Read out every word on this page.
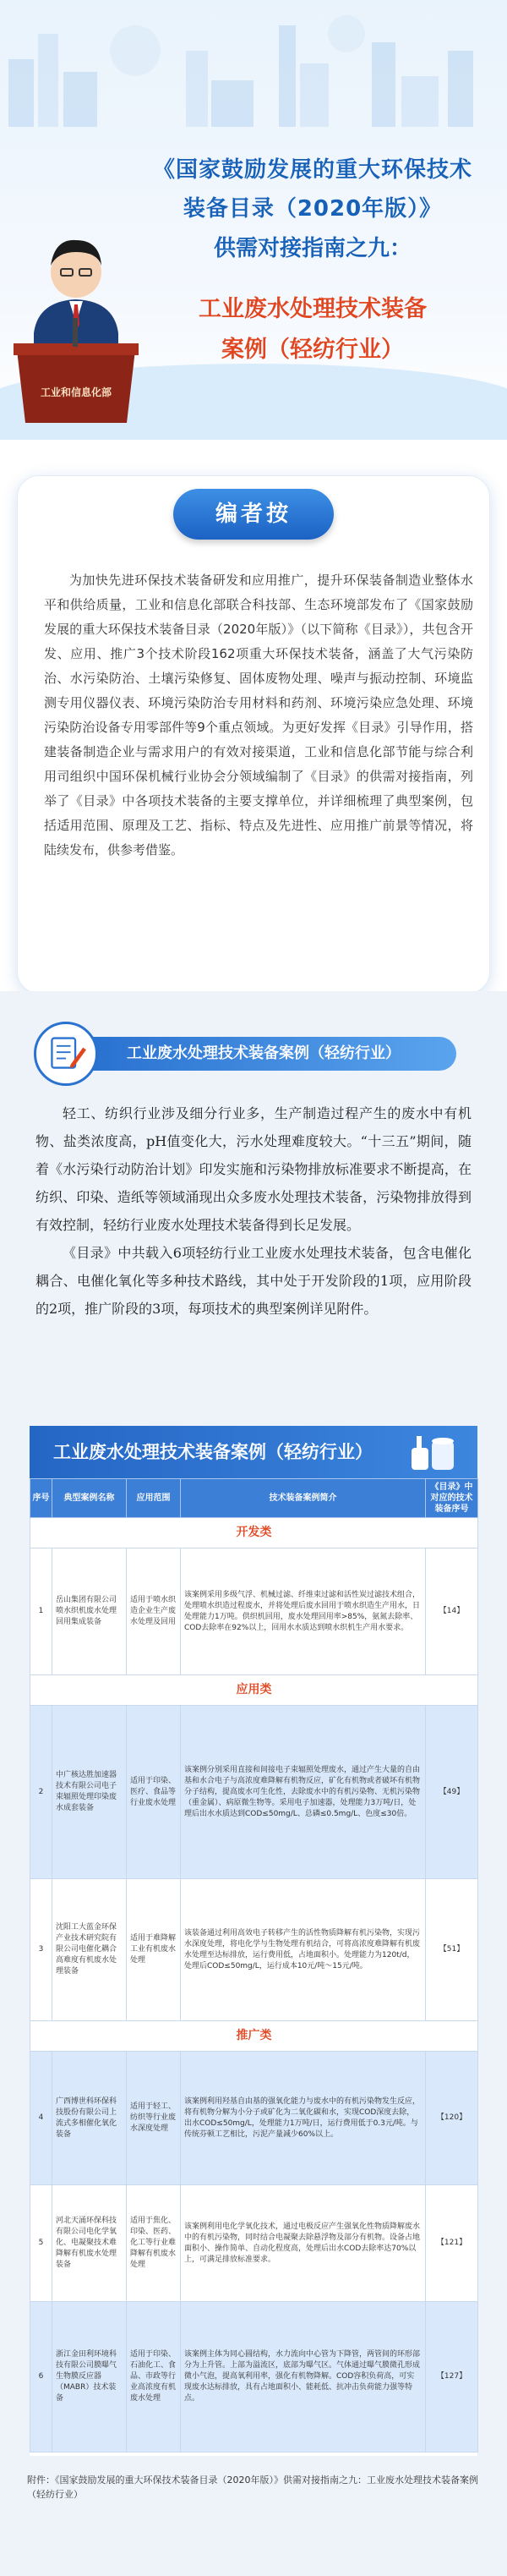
工业和信息化部
《国家鼓励发展的重大环保技术
装备目录（2020年版）》
供需对接指南之九：
工业废水处理技术装备
案例（轻纺行业）
编者按
为加快先进环保技术装备研发和应用推广，提升环保装备制造业整体水平和供给质量，工业和信息化部联合科技部、生态环境部发布了《国家鼓励发展的重大环保技术装备目录（2020年版）》（以下简称《目录》），共包含开发、应用、推广3个技术阶段162项重大环保技术装备，涵盖了大气污染防治、水污染防治、土壤污染修复、固体废物处理、噪声与振动控制、环境监测专用仪器仪表、环境污染防治专用材料和药剂、环境污染应急处理、环境污染防治设备专用零部件等9个重点领域。为更好发挥《目录》引导作用，搭建装备制造企业与需求用户的有效对接渠道，工业和信息化部节能与综合利用司组织中国环保机械行业协会分领域编制了《目录》的供需对接指南，列举了《目录》中各项技术装备的主要支撑单位，并详细梳理了典型案例，包括适用范围、原理及工艺、指标、特点及先进性、应用推广前景等情况，将陆续发布，供参考借鉴。
工业废水处理技术装备案例（轻纺行业）

轻工、纺织行业涉及细分行业多，生产制造过程产生的废水中有机物、盐类浓度高，pH值变化大，污水处理难度较大。“十三五”期间，随着《水污染行动防治计划》印发实施和污染物排放标准要求不断提高，在纺织、印染、造纸等领域涌现出众多废水处理技术装备，污染物排放得到有效控制，轻纺行业废水处理技术装备得到长足发展。

《目录》中共载入6项轻纺行业工业废水处理技术装备，包含电催化耦合、电催化氧化等多种技术路线，其中处于开发阶段的1项，应用阶段的2项，推广阶段的3项，每项技术的典型案例详见附件。

工业废水处理技术装备案例（轻纺行业）
序号	典型案例名称	应用范围	技术装备案例简介	《目录》中对应的技术装备序号
开发类				
1	岳山集团有限公司喷水织机废水处理回用集成装备	适用于喷水织造企业生产废水处理及回用	该案例采用多级气浮、机械过滤、纤维束过滤和活性炭过滤技术组合，处理喷水织造过程废水，并将处理后废水回用于喷水织造生产用水，日处理能力1万吨。供织机回用，废水处理回用率>85%，氨氮去除率、COD去除率在92%以上，回用水水质达到喷水织机生产用水要求。	【14】
应用类				
2	中广核达胜加速器技术有限公司电子束辐照处理印染废水成套装备	适用于印染、医疗、食品等行业废水处理	该案例分别采用直接和间接电子束辐照处理废水，通过产生大量的自由基和水合电子与高浓度难降解有机物反应，矿化有机物或者破坏有机物分子结构，提高废水可生化性，去除废水中的有机污染物、无机污染物（重金属）、病原微生物等。采用电子加速器，处理能力3万吨/日，处理后出水水质达到COD≤50mg/L、总磷≤0.5mg/L、色度≤30倍。	【49】
3	沈阳工大蓝金环保产业技术研究院有限公司电催化耦合高难度有机废水处理装备	适用于难降解工业有机废水处理	该装备通过利用高效电子转移产生的活性物质降解有机污染物，实现污水深度处理，将电化学与生物处理有机结合，可将高浓度难降解有机废水处理至达标排放，运行费用低，占地面积小。处理能力为120t/d，处理后COD≤50mg/L，运行成本10元/吨～15元/吨。	【51】
推广类				
4	广西博世科环保科技股份有限公司上流式多相催化氧化装备	适用于轻工、纺织等行业废水深度处理	该案例利用羟基自由基的强氧化能力与废水中的有机污染物发生反应，将有机物分解为小分子或矿化为二氧化碳和水，实现COD深度去除，出水COD≤50mg/L，处理能力1万吨/日，运行费用低于0.3元/吨。与传统芬顿工艺相比，污泥产量减少60%以上。	【120】
5	河北天涌环保科技有限公司电化学氧化、电凝聚技术难降解有机废水处理装备	适用于焦化、印染、医药、化工等行业难降解有机废水处理	该案例利用电化学氧化技术，通过电极反应产生强氧化性物质降解废水中的有机污染物，同时结合电凝聚去除悬浮物及部分有机物。设备占地面积小、操作简单、自动化程度高，处理后出水COD去除率达70%以上，可满足排放标准要求。	【121】
6	浙江金田利环境科技有限公司膜曝气生物膜反应器（MABR）技术装备	适用于印染、石油化工、食品、市政等行业高浓度有机废水处理	该案例主体为同心圆结构，水力流向中心管为下降管，两管间的环形部分为上升管。上部为溢流区，底部为曝气区。气体通过曝气膜微孔形成微小气泡，提高氧利用率，强化有机物降解。COD容积负荷高，可实现废水达标排放，具有占地面积小、能耗低、抗冲击负荷能力强等特点。	【127】
附件：《国家鼓励发展的重大环保技术装备目录（2020年版）》供需对接指南之九：工业废水处理技术装备案例（轻纺行业）
